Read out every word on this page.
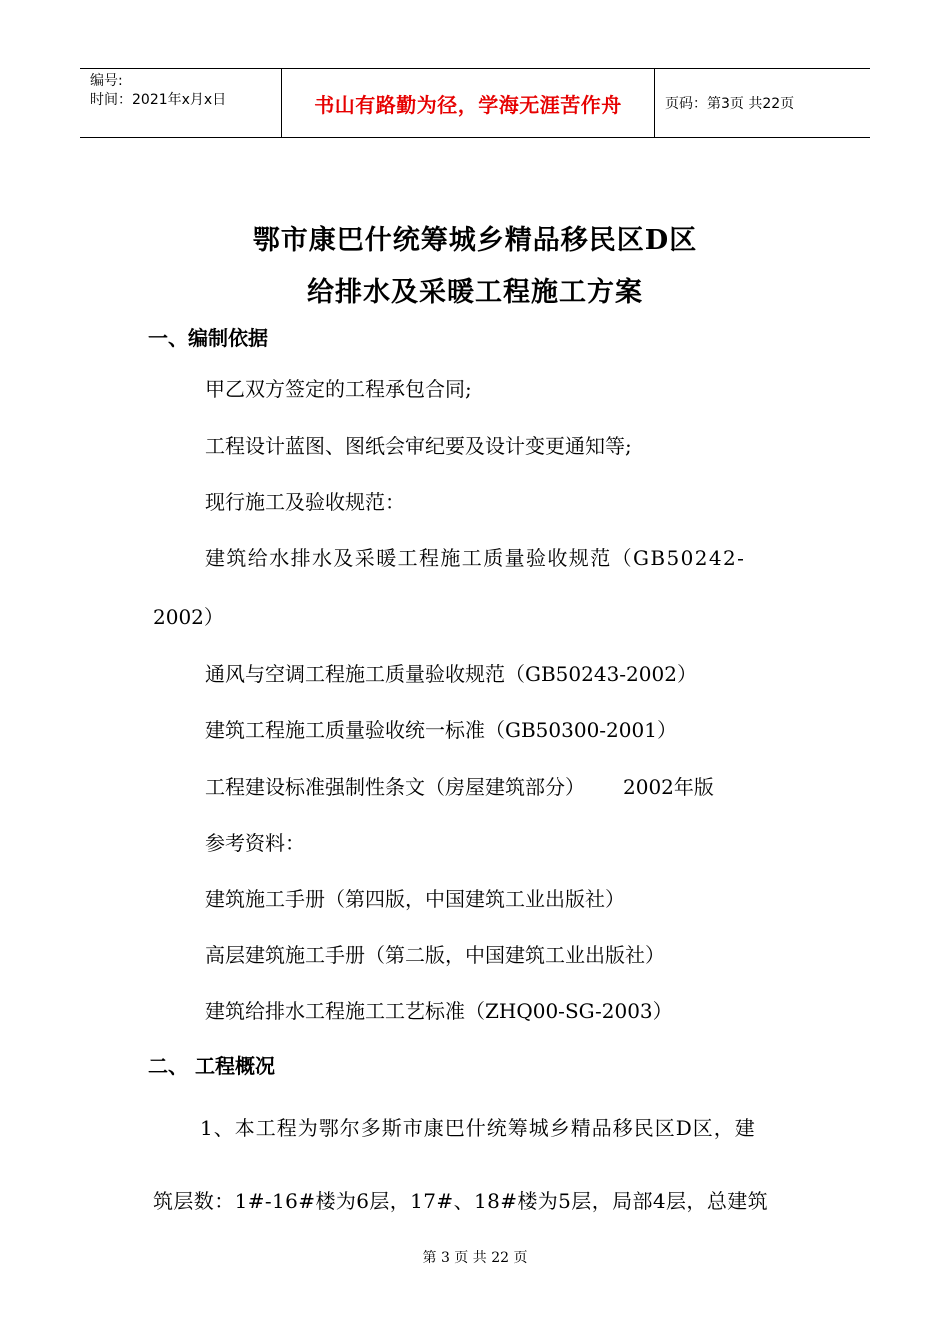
编号:
时间：2021年x月x日	书山有路勤为径，学海无涯苦作舟	页码：第3页 共22页
鄂市康巴什统筹城乡精品移民区D区
给排水及采暖工程施工方案
一、编制依据
甲乙双方签定的工程承包合同;
工程设计蓝图、图纸会审纪要及设计变更通知等;
现行施工及验收规范：
建筑给水排水及采暖工程施工质量验收规范（GB50242-
2002）
通风与空调工程施工质量验收规范（GB50243-2002）
建筑工程施工质量验收统一标准（GB50300-2001）
工程建设标准强制性条文（房屋建筑部分） 2002年版
参考资料：
建筑施工手册（第四版，中国建筑工业出版社）
高层建筑施工手册（第二版，中国建筑工业出版社）
建筑给排水工程施工工艺标准（ZHQ00-SG-2003）
二、 工程概况
1、本工程为鄂尔多斯市康巴什统筹城乡精品移民区D区，建
筑层数：1#-16#楼为6层，17#、18#楼为5层，局部4层，总建筑
第 3 页 共 22 页
